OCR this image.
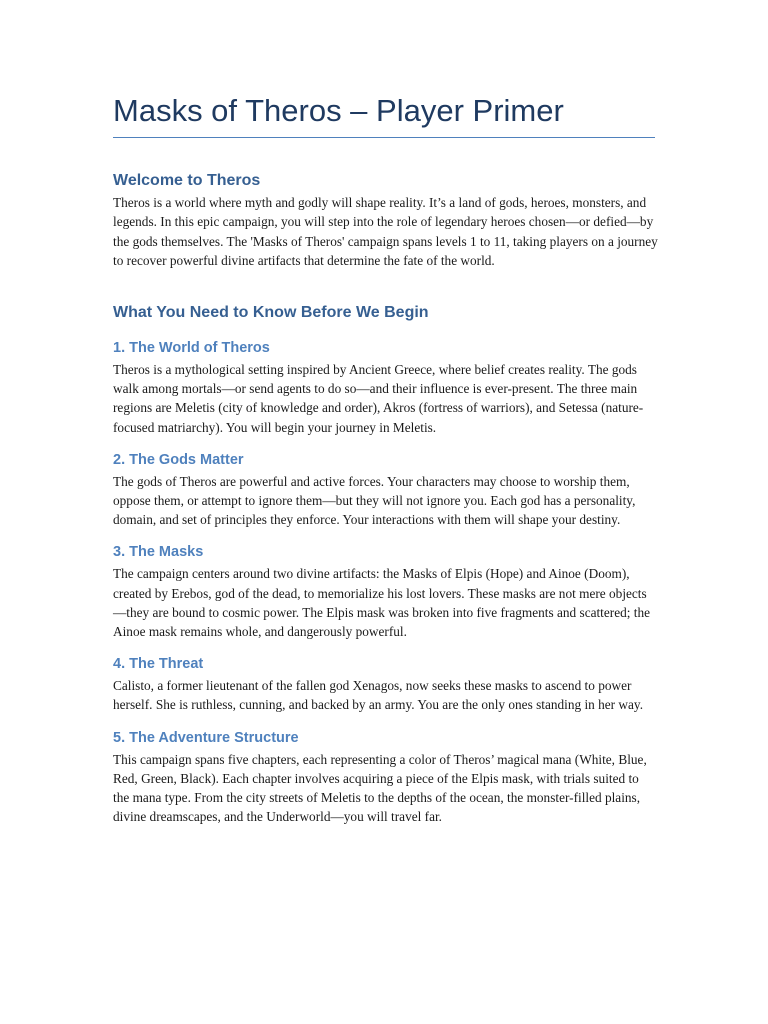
Masks of Theros – Player Primer
Welcome to Theros

Theros is a world where myth and godly will shape reality. It’s a land of gods, heroes, monsters, and legends. In this epic campaign, you will step into the role of legendary heroes chosen—or defied—by the gods themselves. The 'Masks of Theros' campaign spans levels 1 to 11, taking players on a journey to recover powerful divine artifacts that determine the fate of the world.

What You Need to Know Before We Begin
1. The World of Theros

Theros is a mythological setting inspired by Ancient Greece, where belief creates reality. The gods walk among mortals—or send agents to do so—and their influence is ever-present. The three main regions are Meletis (city of knowledge and order), Akros (fortress of warriors), and Setessa (nature-focused matriarchy). You will begin your journey in Meletis.

2. The Gods Matter

The gods of Theros are powerful and active forces. Your characters may choose to worship them, oppose them, or attempt to ignore them—but they will not ignore you. Each god has a personality, domain, and set of principles they enforce. Your interactions with them will shape your destiny.

3. The Masks

The campaign centers around two divine artifacts: the Masks of Elpis (Hope) and Ainoe (Doom), created by Erebos, god of the dead, to memorialize his lost lovers. These masks are not mere objects—they are bound to cosmic power. The Elpis mask was broken into five fragments and scattered; the Ainoe mask remains whole, and dangerously powerful.

4. The Threat

Calisto, a former lieutenant of the fallen god Xenagos, now seeks these masks to ascend to power herself. She is ruthless, cunning, and backed by an army. You are the only ones standing in her way.

5. The Adventure Structure

This campaign spans five chapters, each representing a color of Theros’ magical mana (White, Blue, Red, Green, Black). Each chapter involves acquiring a piece of the Elpis mask, with trials suited to the mana type. From the city streets of Meletis to the depths of the ocean, the monster-filled plains, divine dreamscapes, and the Underworld—you will travel far.
